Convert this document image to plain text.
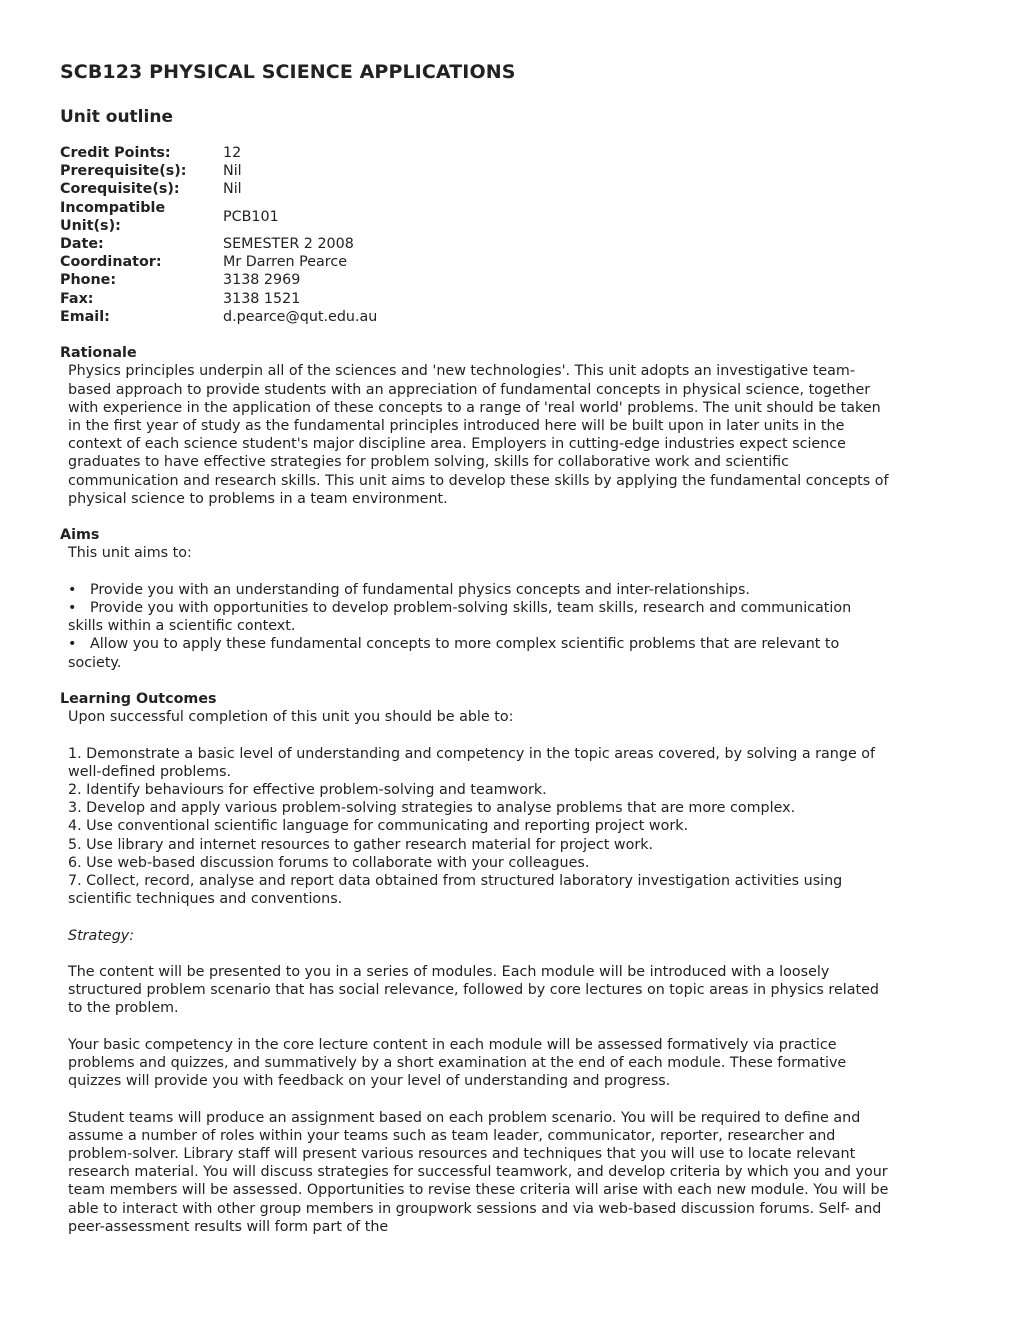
SCB123 PHYSICAL SCIENCE APPLICATIONS
Unit outline
Credit Points:	12
Prerequisite(s):	Nil
Corequisite(s):	Nil
Incompatible Unit(s):	PCB101
Date:	SEMESTER 2 2008
Coordinator:	Mr Darren Pearce
Phone:	3138 2969
Fax:	3138 1521
Email:	d.pearce@qut.edu.au
Rationale

Physics principles underpin all of the sciences and 'new technologies'. This unit adopts an investigative team-based approach to provide students with an appreciation of fundamental concepts in physical science, together with experience in the application of these concepts to a range of 'real world' problems. The unit should be taken in the first year of study as the fundamental principles introduced here will be built upon in later units in the context of each science student's major discipline area. Employers in cutting-edge industries expect science graduates to have effective strategies for problem solving, skills for collaborative work and scientific communication and research skills. This unit aims to develop these skills by applying the fundamental concepts of physical science to problems in a team environment.

Aims

This unit aims to:

• Provide you with an understanding of fundamental physics concepts and inter-relationships.
• Provide you with opportunities to develop problem-solving skills, team skills, research and communication skills within a scientific context.
• Allow you to apply these fundamental concepts to more complex scientific problems that are relevant to society.
Learning Outcomes

Upon successful completion of this unit you should be able to:

1. Demonstrate a basic level of understanding and competency in the topic areas covered, by solving a range of well-defined problems.

2. Identify behaviours for effective problem-solving and teamwork.

3. Develop and apply various problem-solving strategies to analyse problems that are more complex.

4. Use conventional scientific language for communicating and reporting project work.

5. Use library and internet resources to gather research material for project work.

6. Use web-based discussion forums to collaborate with your colleagues.

7. Collect, record, analyse and report data obtained from structured laboratory investigation activities using scientific techniques and conventions.

Strategy:

The content will be presented to you in a series of modules. Each module will be introduced with a loosely structured problem scenario that has social relevance, followed by core lectures on topic areas in physics related to the problem.

Your basic competency in the core lecture content in each module will be assessed formatively via practice problems and quizzes, and summatively by a short examination at the end of each module. These formative quizzes will provide you with feedback on your level of understanding and progress.

Student teams will produce an assignment based on each problem scenario. You will be required to define and assume a number of roles within your teams such as team leader, communicator, reporter, researcher and problem-solver. Library staff will present various resources and techniques that you will use to locate relevant research material. You will discuss strategies for successful teamwork, and develop criteria by which you and your team members will be assessed. Opportunities to revise these criteria will arise with each new module. You will be able to interact with other group members in groupwork sessions and via web-based discussion forums. Self- and peer-assessment results will form part of the
